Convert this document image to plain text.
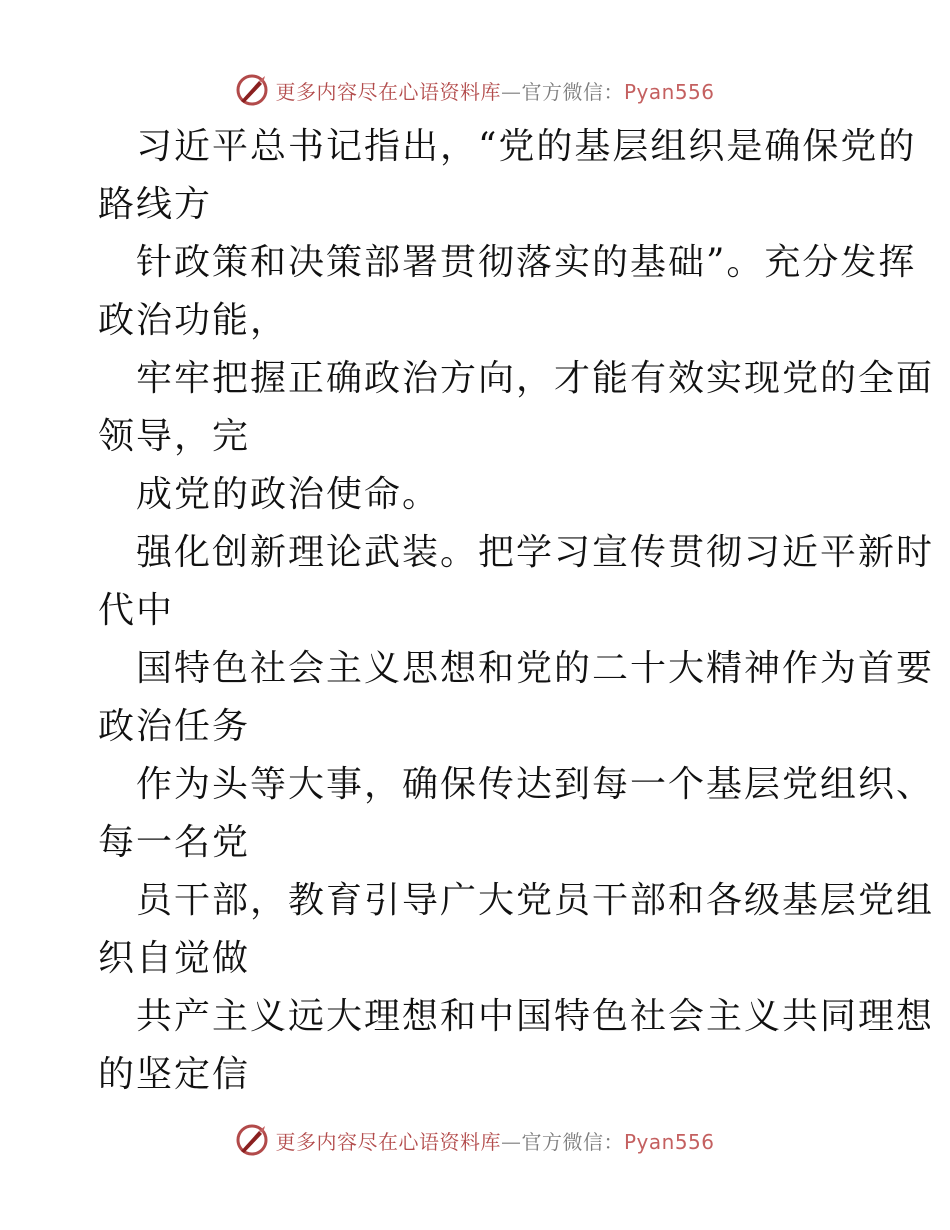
更多内容尽在心语资料库—官方微信：Pyan556
习近平总书记指出，“党的基层组织是确保党的
路线方
针政策和决策部署贯彻落实的基础”。充分发挥
政治功能，
牢牢把握正确政治方向，才能有效实现党的全面
领导，完
成党的政治使命。
强化创新理论武装。把学习宣传贯彻习近平新时
代中
国特色社会主义思想和党的二十大精神作为首要
政治任务
作为头等大事，确保传达到每一个基层党组织、
每一名党
员干部，教育引导广大党员干部和各级基层党组
织自觉做
共产主义远大理想和中国特色社会主义共同理想
的坚定信
更多内容尽在心语资料库—官方微信：Pyan556
